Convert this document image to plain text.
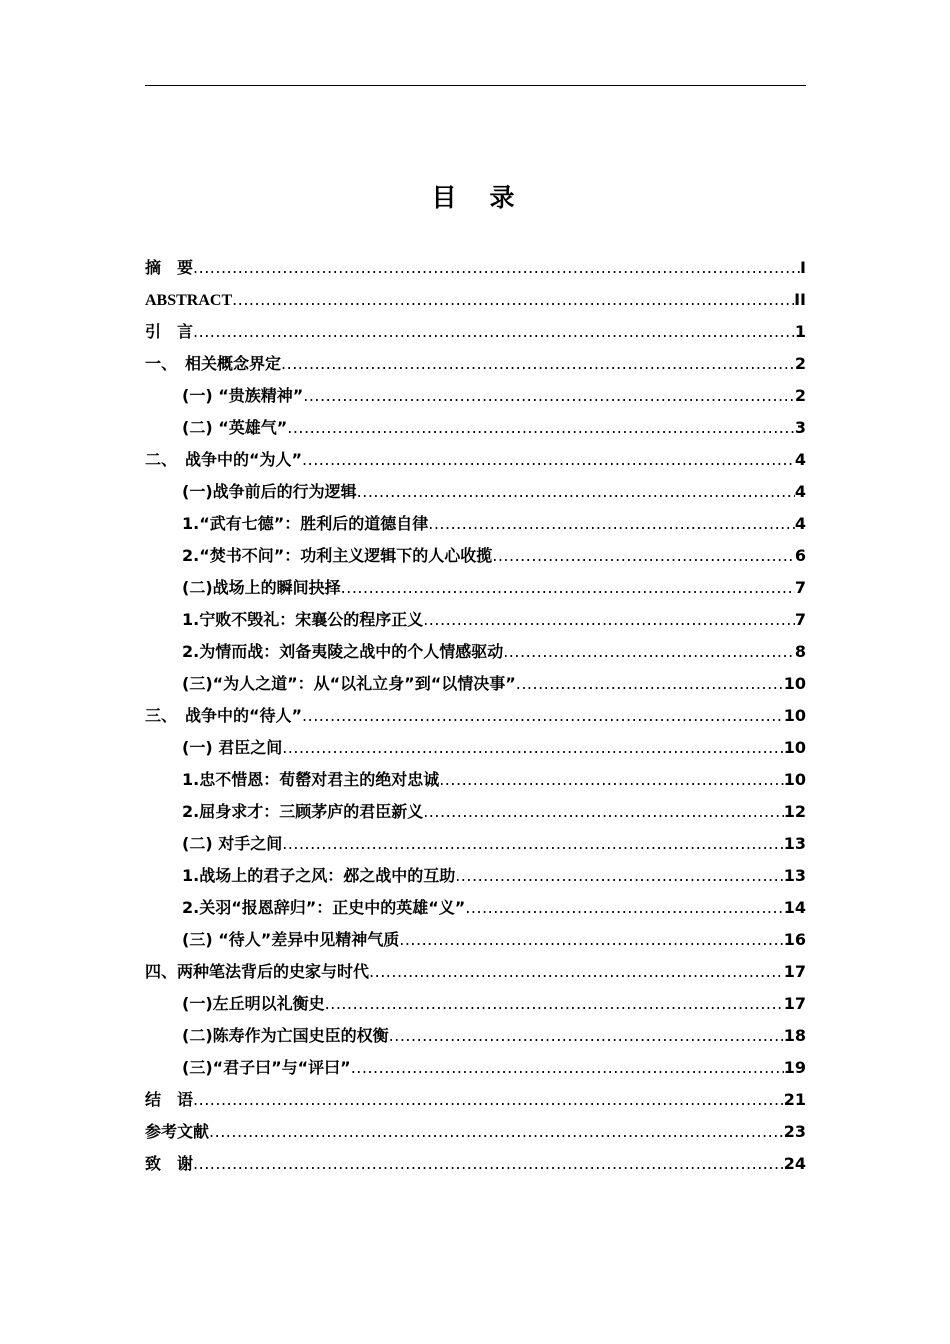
目　录
摘　要 .....	I
ABSTRACT .....	II
引　言 .....	1
一、　相关概念界定 .....	2
(一) “贵族精神” .....	2
(二) “英雄气” .....	3
二、　战争中的“为人” .....	4
(一)战争前后的行为逻辑 .....	4
1.“武有七德”：胜利后的道德自律 .....	4
2.“焚书不问”：功利主义逻辑下的人心收揽 .....	6
(二)战场上的瞬间抉择 .....	7
1.宁败不毁礼：宋襄公的程序正义 .....	7
2.为情而战：刘备夷陵之战中的个人情感驱动 .....	8
(三)“为人之道”：从“以礼立身”到“以情决事” .....	10
三、　战争中的“待人” .....	10
(一) 君臣之间 .....	10
1.忠不惜恩：荀罃对君主的绝对忠诚 .....	10
2.屈身求才：三顾茅庐的君臣新义 .....	12
(二) 对手之间 .....	13
1.战场上的君子之风：邲之战中的互助 .....	13
2.关羽“报恩辞归”：正史中的英雄“义” .....	14
(三) “待人”差异中见精神气质 .....	16
四、两种笔法背后的史家与时代 .....	17
(一)左丘明以礼衡史 .....	17
(二)陈寿作为亡国史臣的权衡 .....	18
(三)“君子曰”与“评曰” .....	19
结　语 .....	21
参考文献 .....	23
致　谢 .....	24
